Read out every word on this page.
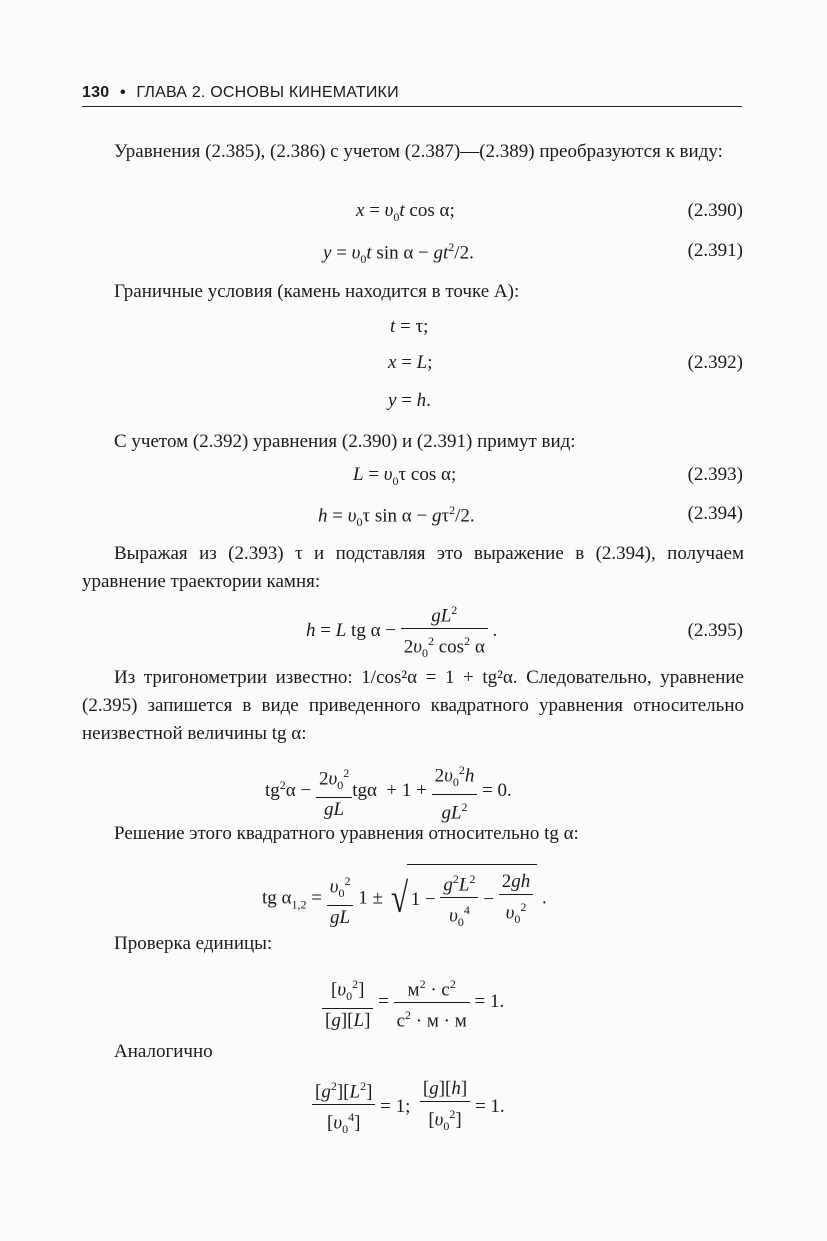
130 • ГЛАВА 2. ОСНОВЫ КИНЕМАТИКИ
Уравнения (2.385), (2.386) с учетом (2.387)—(2.389) преобразуются к виду:
$x = \upsilon_0t$ cos α;	(2.390)
$y = \upsilon_0t$ $\sin \alpha - gt^2/2$.	(2.391)
Граничные условия (камень находится в точке A):
t = τ;
x = L;	(2.392)
y = h.
С учетом (2.392) уравнения (2.390) и (2.391) примут вид:
$L = \upsilon_0\tau$ cos α;	(2.393)
$h = \upsilon_0\tau$ $\sin \alpha - g\tau^2/2$.	(2.394)
Выражая из (2.393) τ и подставляя это выражение в (2.394), получаем уравнение траектории камня:
h = L tg $\alpha - \frac{gL^2}{2\upsilon_0^2 \cos^2 \alpha}$ .	(2.395)
Из тригонометрии известно: 1/cos²α = 1 + tg²α. Следовательно, уравнение (2.395) запишется в виде приведенного квадратного уравнения относительно неизвестной величины tg α:
$tg^2\alpha - \frac{2\upsilon_0^2}{gL}$ $tg\alpha + 1 + \frac{2\upsilon_0^2h}{gL^2} = 0$.
Решение этого квадратного уравнения относительно tg α:
tg $\alpha_{1,2} = \frac{\upsilon_0^2}{gL} 1$ ± √ $1 - \frac{g^2L^2}{\upsilon_0^4} - \frac{2gh}{\upsilon_0^2}$ .
Проверка единицы:
$\frac{[\upsilon_0^2]}{[g][L]} = \frac{м^2 \cdot с^2}{с^2 \cdot м \cdot м} = 1$.
Аналогично
$\frac{[g^2][L^2]}{[\upsilon_0^4]} = 1$; $\frac{[g][h]}{[\upsilon_0^2]} = 1$.
